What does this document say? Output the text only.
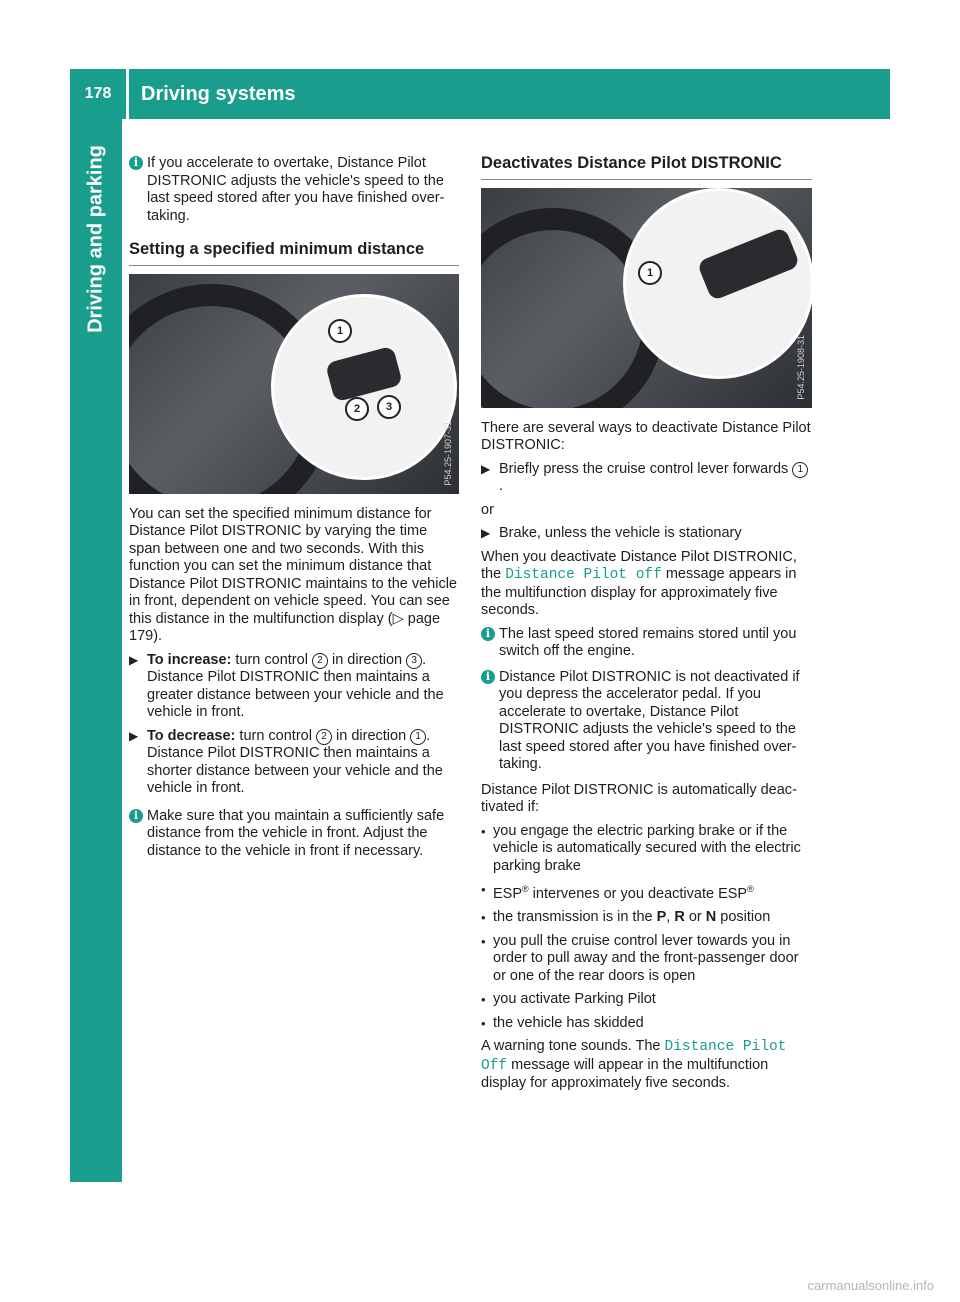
178	Driving systems
Driving and parking	i If you accelerate to overtake, Distance Pilot DISTRONIC adjusts the vehicle's speed to the last speed stored after you have finished overtaking.
Setting a specified minimum distance
1
2	3
P54.25-1907-31

You can set the specified minimum distance for Distance Pilot DISTRONIC by varying the time span between one and two seconds. With this function you can set the minimum distance that Distance Pilot DISTRONIC maintains to the vehicle in front, dependent on vehicle speed. You can see this distance in the multifunction display (▷ page 179).

▶ To increase: turn control 2 in direction 3 . Distance Pilot DISTRONIC then maintains a greater distance between your vehicle and the vehicle in front.
▶ To decrease: turn control 2 in direction 1 . Distance Pilot DISTRONIC then maintains a shorter distance between your vehicle and the vehicle in front.
i Make sure that you maintain a sufficiently safe distance from the vehicle in front. Adjust the distance to the vehicle in front if necessary.
Deactivates Distance Pilot DISTRONIC
1
P54.25-1908-31

There are several ways to deactivate Distance Pilot DISTRONIC:

▶ Briefly press the cruise control lever forwards 1.

or

▶ Brake, unless the vehicle is stationary

When you deactivate Distance Pilot DISTRONIC, the Distance Pilot off message appears in the multifunction display for approximately five seconds.

i The last speed stored remains stored until you switch off the engine.
i Distance Pilot DISTRONIC is not deactivated if you depress the accelerator pedal. If you accelerate to overtake, Distance Pilot DISTRONIC adjusts the vehicle's speed to the last speed stored after you have finished overtaking.

Distance Pilot DISTRONIC is automatically deactivated if:

• you engage the electric parking brake or if the vehicle is automatically secured with the electric parking brake
• ESP® intervenes or you deactivate ESP®
• the transmission is in the P, R or N position
• you pull the cruise control lever towards you in order to pull away and the front-passenger door or one of the rear doors is open
• you activate Parking Pilot
• the vehicle has skidded

A warning tone sounds. The Distance Pilot Off message will appear in the multifunction display for approximately five seconds.

carmanualsonline.info
